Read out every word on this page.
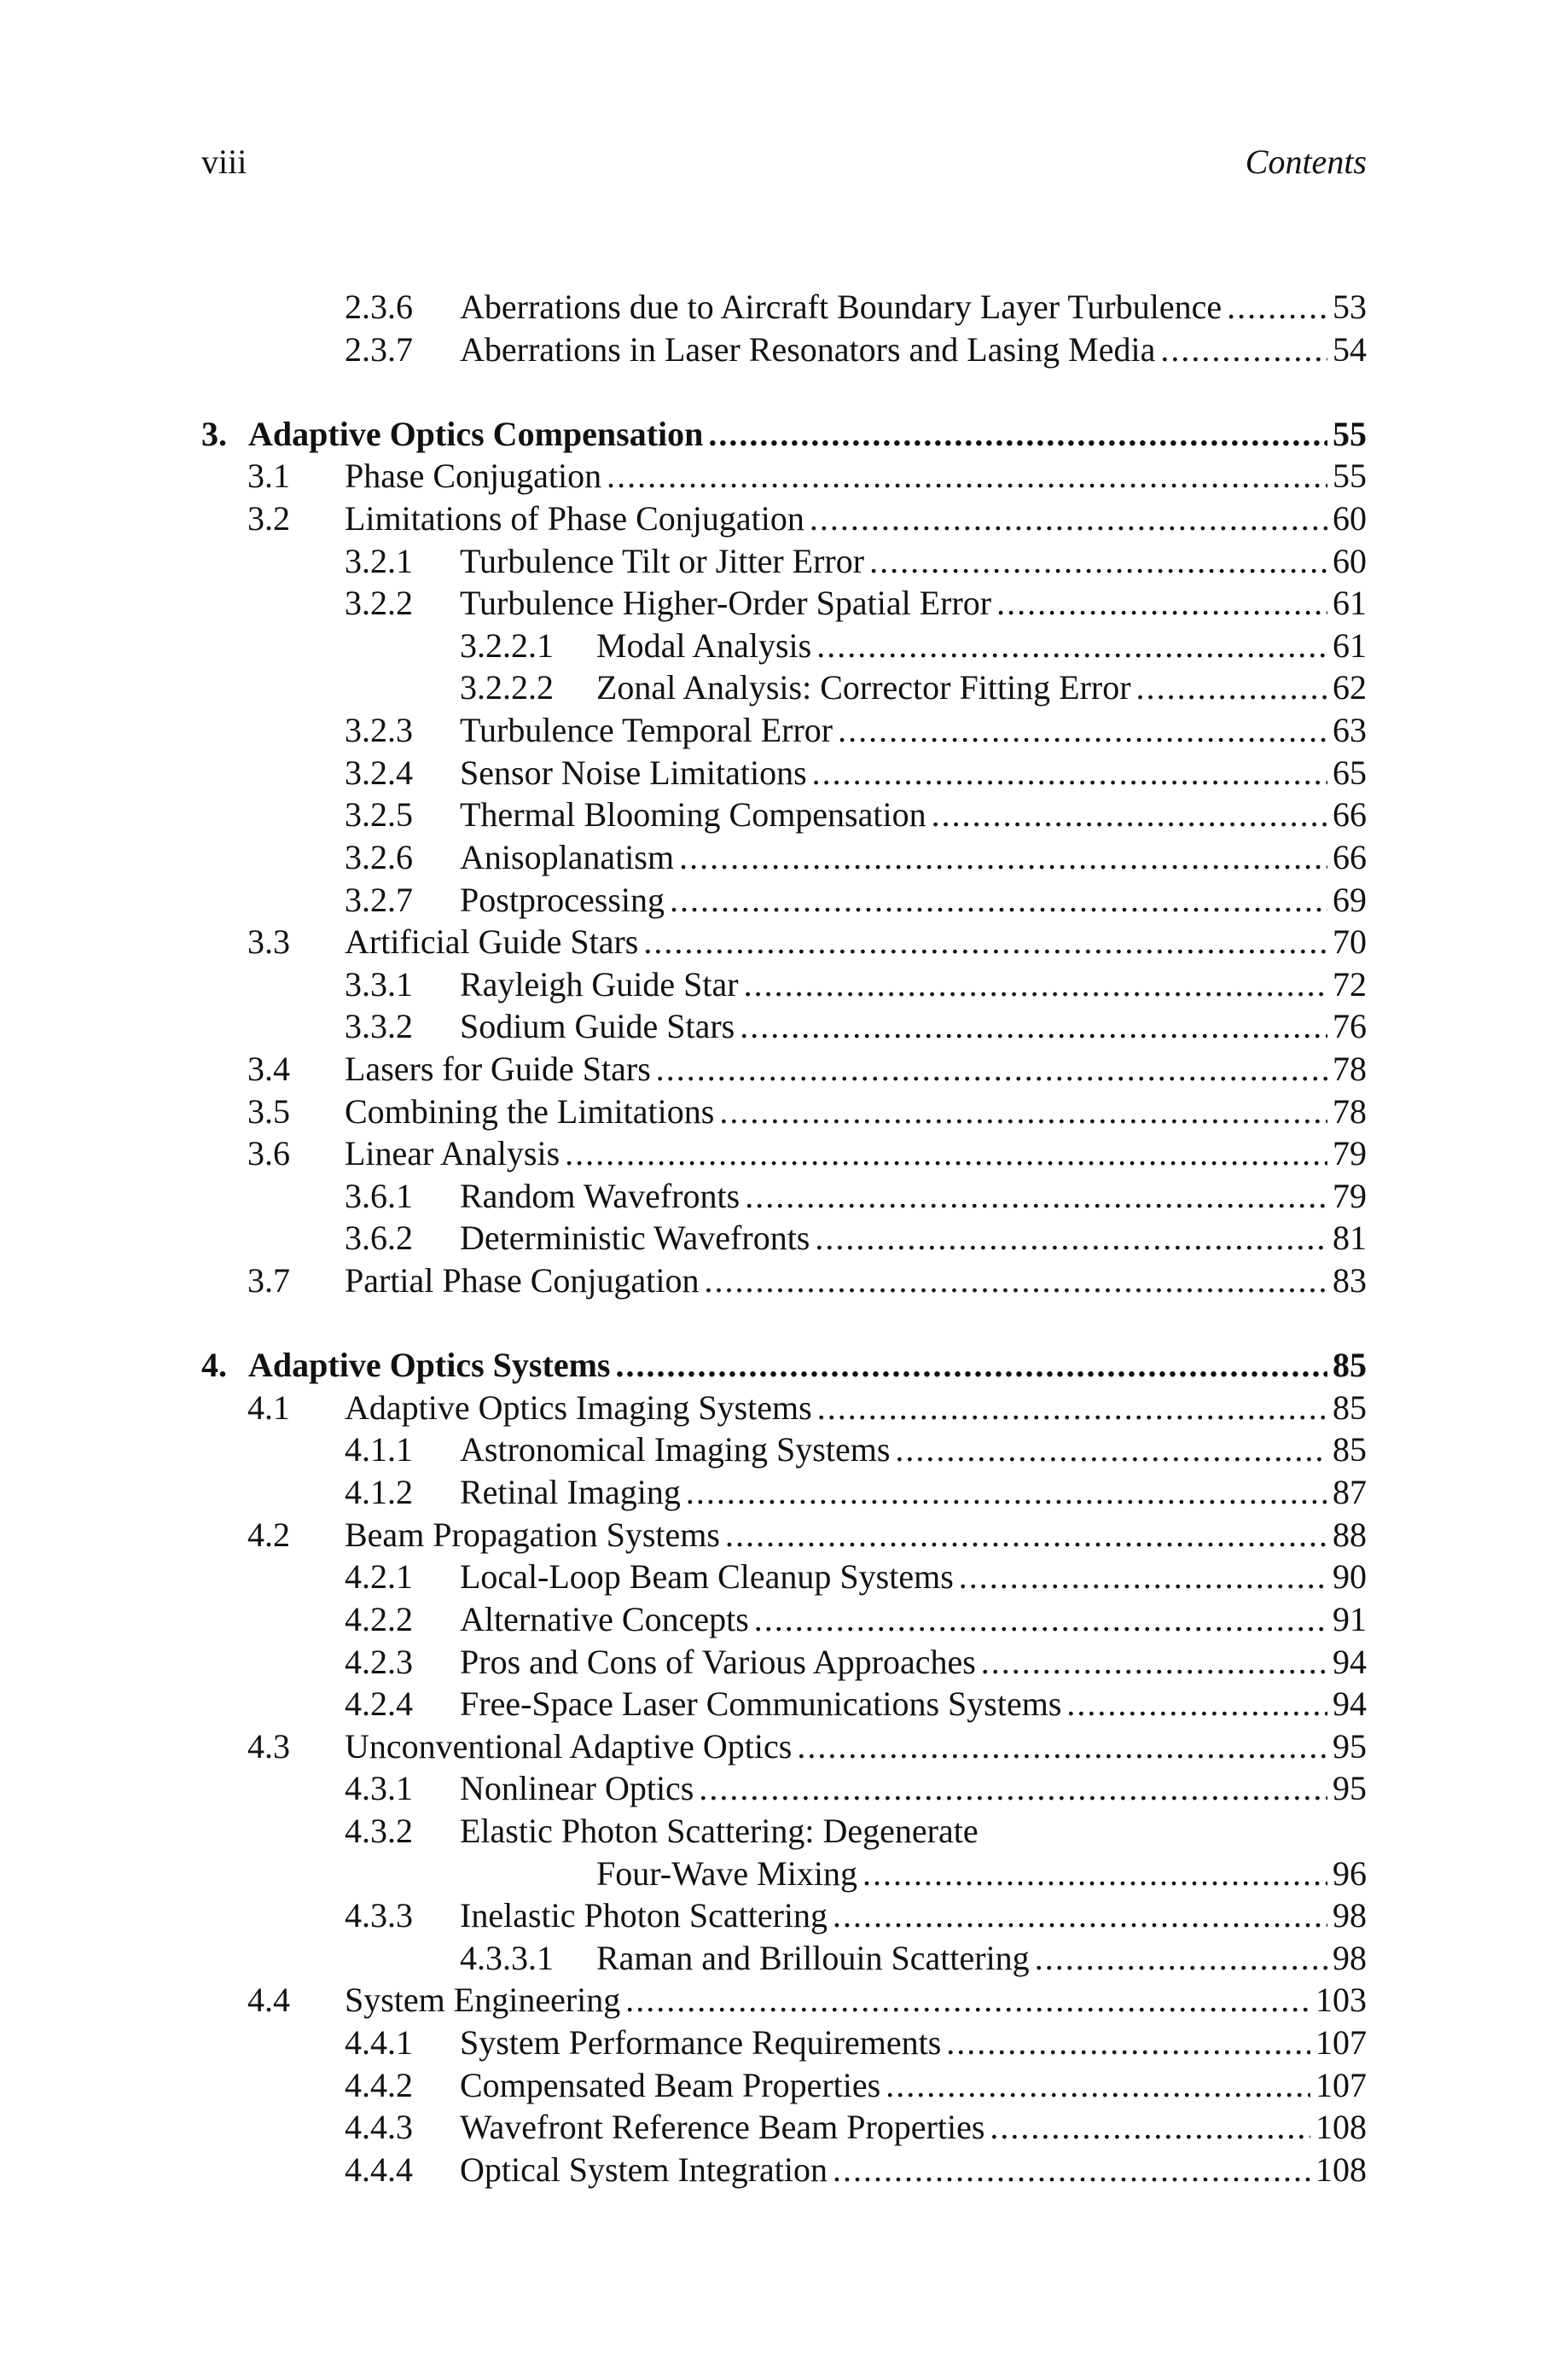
viii	Contents
2.3.6 Aberrations due to Aircraft Boundary Layer Turbulence .....	53
2.3.7 Aberrations in Laser Resonators and Lasing Media .....	54
3. Adaptive Optics Compensation .....	55
3.1 Phase Conjugation .....	55
3.2 Limitations of Phase Conjugation .....	60
3.2.1 Turbulence Tilt or Jitter Error .....	60
3.2.2 Turbulence Higher-Order Spatial Error .....	61
3.2.2.1 Modal Analysis .....	61
3.2.2.2 Zonal Analysis: Corrector Fitting Error .....	62
3.2.3 Turbulence Temporal Error .....	63
3.2.4 Sensor Noise Limitations .....	65
3.2.5 Thermal Blooming Compensation .....	66
3.2.6 Anisoplanatism .....	66
3.2.7 Postprocessing .....	69
3.3 Artificial Guide Stars .....	70
3.3.1 Rayleigh Guide Star .....	72
3.3.2 Sodium Guide Stars .....	76
3.4 Lasers for Guide Stars .....	78
3.5 Combining the Limitations .....	78
3.6 Linear Analysis .....	79
3.6.1 Random Wavefronts .....	79
3.6.2 Deterministic Wavefronts .....	81
3.7 Partial Phase Conjugation .....	83
4. Adaptive Optics Systems .....	85
4.1 Adaptive Optics Imaging Systems .....	85
4.1.1 Astronomical Imaging Systems .....	85
4.1.2 Retinal Imaging .....	87
4.2 Beam Propagation Systems .....	88
4.2.1 Local-Loop Beam Cleanup Systems .....	90
4.2.2 Alternative Concepts .....	91
4.2.3 Pros and Cons of Various Approaches .....	94
4.2.4 Free-Space Laser Communications Systems .....	94
4.3 Unconventional Adaptive Optics .....	95
4.3.1 Nonlinear Optics .....	95
4.3.2 Elastic Photon Scattering: Degenerate
Four-Wave Mixing .....	96
4.3.3 Inelastic Photon Scattering .....	98
4.3.3.1 Raman and Brillouin Scattering .....	98
4.4 System Engineering .....	103
4.4.1 System Performance Requirements .....	107
4.4.2 Compensated Beam Properties .....	107
4.4.3 Wavefront Reference Beam Properties .....	108
4.4.4 Optical System Integration .....	108
